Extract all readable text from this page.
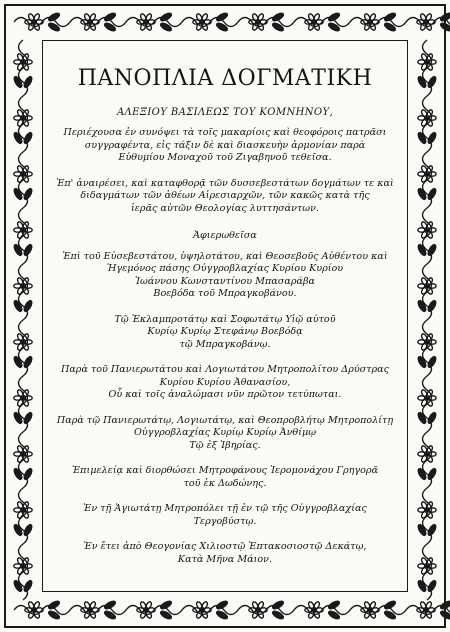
ΠΑΝΟΠΛΙΑ ΔΟΓΜΑΤΙΚΗ
ΑΛΕΞΙΟΥ ΒΑΣΙΛΕΩΣ ΤΟΥ ΚΟΜΝΗΝΟΥ,
Περιέχουσα ἐν συνόψει τὰ τοῖς μακαρίοις καὶ θεοφόροις πατρᾶσι
συγγραφέντα, εἰς τάξιν δὲ καὶ διασκευὴν ἁρμονίαν παρὰ
Εὐθυμίου Μοναχοῦ τοῦ Ζιγαβηνοῦ τεθεῖσα.
Ἐπ' ἀναιρέσει, καὶ καταφθορᾷ τῶν δυσσεβεστάτων δογμάτων τε καὶ
διδαγμάτων τῶν ἀθέων Αἱρεσιαρχῶν, τῶν κακῶς κατὰ τῆς
ἱερᾶς αὐτῶν Θεολογίας λυττησάντων.
Ἀφιερωθεῖσα
Ἐπὶ τοῦ Εὐσεβεστάτου, ὑψηλοτάτου, καὶ Θεοσεβοῦς Αὐθέντου καὶ
Ἡγεμόνος πάσης Οὐγγροβλαχίας Κυρίου Κυρίου
Ἰωάννου Κωνσταντίνου Μπασαράβα
Βοεβόδα τοῦ Μπραγκοβάνου.
Τῷ Ἐκλαμπροτάτῳ καὶ Σοφωτάτῳ Υἱῷ αὐτοῦ
Κυρίῳ Κυρίῳ Στεφάνῳ Βοεβόδᾳ
τῷ Μπραγκοβάνῳ.
Παρὰ τοῦ Πανιερωτάτου καὶ Λογιωτάτου Μητροπολίτου Δρύστρας
Κυρίου Κυρίου Ἀθανασίου,
Οὗ καὶ τοῖς ἀναλώμασι νῦν πρῶτον τετύπωται.
Παρὰ τῷ Πανιερωτάτῳ, Λογιωτάτῳ, καὶ Θεοπροβλήτῳ Μητροπολίτῃ
Οὐγγροβλαχίας Κυρίῳ Κυρίῳ Ἀνθίμῳ
Τῷ ἐξ Ἰβηρίας.
Ἐπιμελείᾳ καὶ διορθώσει Μητροφάνους Ἱερομονάχου Γρηγορᾶ
τοῦ ἐκ Δωδώνης.
Ἐν τῇ Ἁγιωτάτῃ Μητροπόλει τῇ ἐν τῷ τῆς Οὐγγροβλαχίας
Τεργοβύστῳ.
Ἐν ἔτει ἀπὸ Θεογονίας Χιλιοστῷ Ἑπτακοσιοστῷ Δεκάτῳ,
Κατὰ Μῆνα Μάιον.
